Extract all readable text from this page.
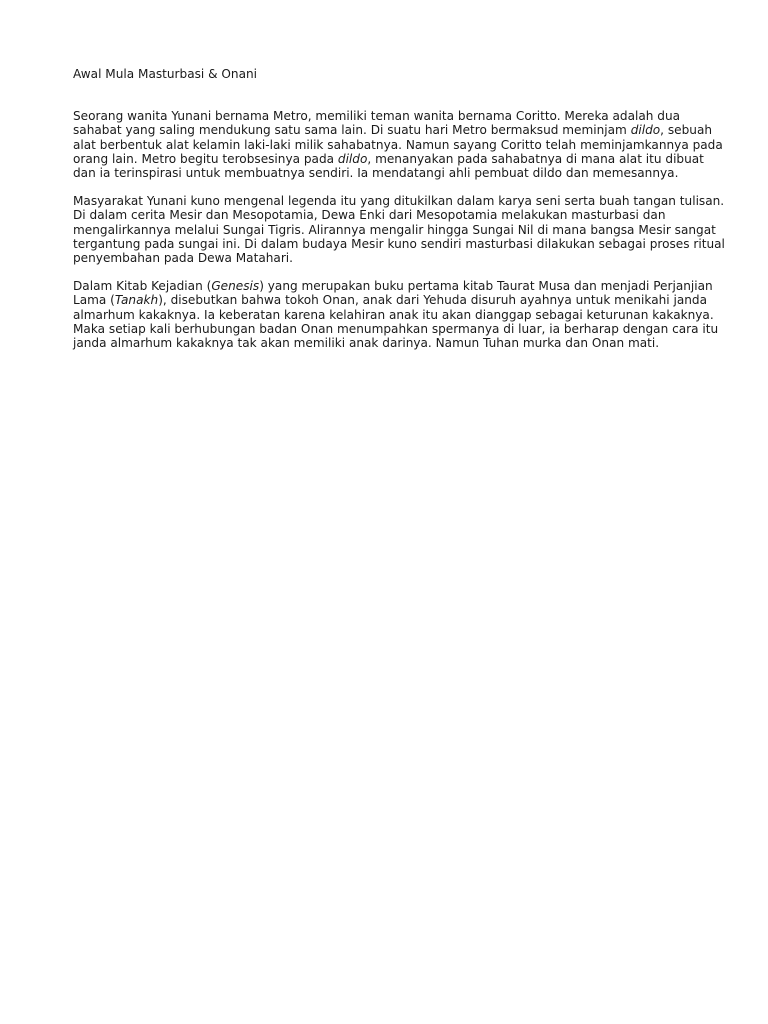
Awal Mula Masturbasi & Onani
Seorang wanita Yunani bernama Metro, memiliki teman wanita bernama Coritto. Mereka adalah dua
sahabat yang saling mendukung satu sama lain. Di suatu hari Metro bermaksud meminjam dildo, sebuah
alat berbentuk alat kelamin laki-laki milik sahabatnya. Namun sayang Coritto telah meminjamkannya pada
orang lain. Metro begitu terobsesinya pada dildo, menanyakan pada sahabatnya di mana alat itu dibuat
dan ia terinspirasi untuk membuatnya sendiri. Ia mendatangi ahli pembuat dildo dan memesannya.
Masyarakat Yunani kuno mengenal legenda itu yang ditukilkan dalam karya seni serta buah tangan tulisan.
Di dalam cerita Mesir dan Mesopotamia, Dewa Enki dari Mesopotamia melakukan masturbasi dan
mengalirkannya melalui Sungai Tigris. Alirannya mengalir hingga Sungai Nil di mana bangsa Mesir sangat
tergantung pada sungai ini. Di dalam budaya Mesir kuno sendiri masturbasi dilakukan sebagai proses ritual
penyembahan pada Dewa Matahari.
Dalam Kitab Kejadian (Genesis) yang merupakan buku pertama kitab Taurat Musa dan menjadi Perjanjian
Lama (Tanakh), disebutkan bahwa tokoh Onan, anak dari Yehuda disuruh ayahnya untuk menikahi janda
almarhum kakaknya. Ia keberatan karena kelahiran anak itu akan dianggap sebagai keturunan kakaknya.
Maka setiap kali berhubungan badan Onan menumpahkan spermanya di luar, ia berharap dengan cara itu
janda almarhum kakaknya tak akan memiliki anak darinya. Namun Tuhan murka dan Onan mati.
